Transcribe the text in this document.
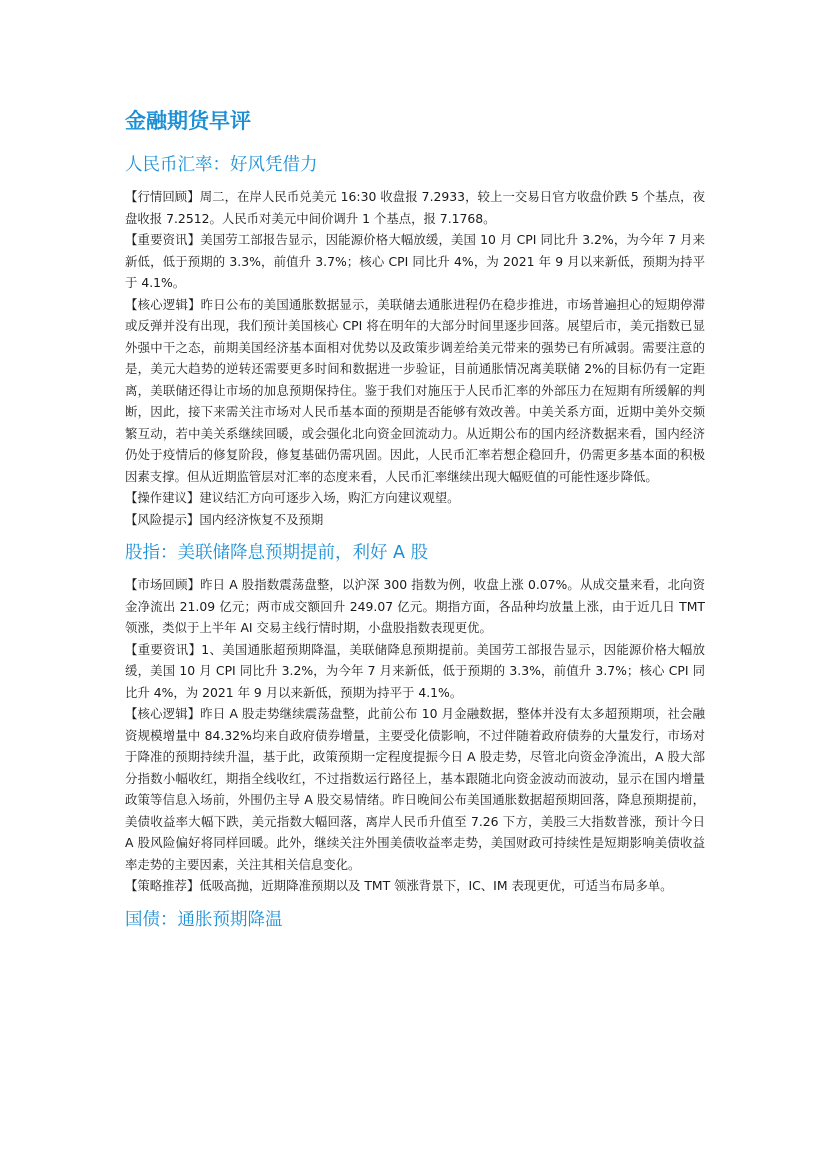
金融期货早评
人民币汇率：好风凭借力

【行情回顾】周二，在岸人民币兑美元 16:30 收盘报 7.2933，较上一交易日官方收盘价跌 5 个基点，夜盘收报 7.2512。人民币对美元中间价调升 1 个基点，报 7.1768。

【重要资讯】美国劳工部报告显示，因能源价格大幅放缓，美国 10 月 CPI 同比升 3.2%，为今年 7 月来新低，低于预期的 3.3%，前值升 3.7%；核心 CPI 同比升 4%，为 2021 年 9 月以来新低，预期为持平于 4.1%。

【核心逻辑】昨日公布的美国通胀数据显示，美联储去通胀进程仍在稳步推进，市场普遍担心的短期停滞或反弹并没有出现，我们预计美国核心 CPI 将在明年的大部分时间里逐步回落。展望后市，美元指数已显外强中干之态，前期美国经济基本面相对优势以及政策步调差给美元带来的强势已有所减弱。需要注意的是，美元大趋势的逆转还需要更多时间和数据进一步验证，目前通胀情况离美联储 2%的目标仍有一定距离，美联储还得让市场的加息预期保持住。鉴于我们对施压于人民币汇率的外部压力在短期有所缓解的判断，因此，接下来需关注市场对人民币基本面的预期是否能够有效改善。中美关系方面，近期中美外交频繁互动，若中美关系继续回暖，或会强化北向资金回流动力。从近期公布的国内经济数据来看，国内经济仍处于疫情后的修复阶段，修复基础仍需巩固。因此，人民币汇率若想企稳回升，仍需更多基本面的积极因素支撑。但从近期监管层对汇率的态度来看，人民币汇率继续出现大幅贬值的可能性逐步降低。

【操作建议】建议结汇方向可逐步入场，购汇方向建议观望。

【风险提示】国内经济恢复不及预期

股指：美联储降息预期提前，利好 A 股

【市场回顾】昨日 A 股指数震荡盘整，以沪深 300 指数为例，收盘上涨 0.07%。从成交量来看，北向资金净流出 21.09 亿元；两市成交额回升 249.07 亿元。期指方面，各品种均放量上涨，由于近几日 TMT 领涨，类似于上半年 AI 交易主线行情时期，小盘股指数表现更优。

【重要资讯】1、美国通胀超预期降温，美联储降息预期提前。美国劳工部报告显示，因能源价格大幅放缓，美国 10 月 CPI 同比升 3.2%，为今年 7 月来新低，低于预期的 3.3%，前值升 3.7%；核心 CPI 同比升 4%，为 2021 年 9 月以来新低，预期为持平于 4.1%。

【核心逻辑】昨日 A 股走势继续震荡盘整，此前公布 10 月金融数据，整体并没有太多超预期项，社会融资规模增量中 84.32%均来自政府债券增量，主要受化债影响，不过伴随着政府债券的大量发行，市场对于降准的预期持续升温，基于此，政策预期一定程度提振今日 A 股走势，尽管北向资金净流出，A 股大部分指数小幅收红，期指全线收红，不过指数运行路径上，基本跟随北向资金波动而波动，显示在国内增量政策等信息入场前，外围仍主导 A 股交易情绪。昨日晚间公布美国通胀数据超预期回落，降息预期提前，美债收益率大幅下跌，美元指数大幅回落，离岸人民币升值至 7.26 下方，美股三大指数普涨，预计今日 A 股风险偏好将同样回暖。此外，继续关注外围美债收益率走势，美国财政可持续性是短期影响美债收益率走势的主要因素，关注其相关信息变化。

【策略推荐】低吸高抛，近期降准预期以及 TMT 领涨背景下，IC、IM 表现更优，可适当布局多单。

国债：通胀预期降温
